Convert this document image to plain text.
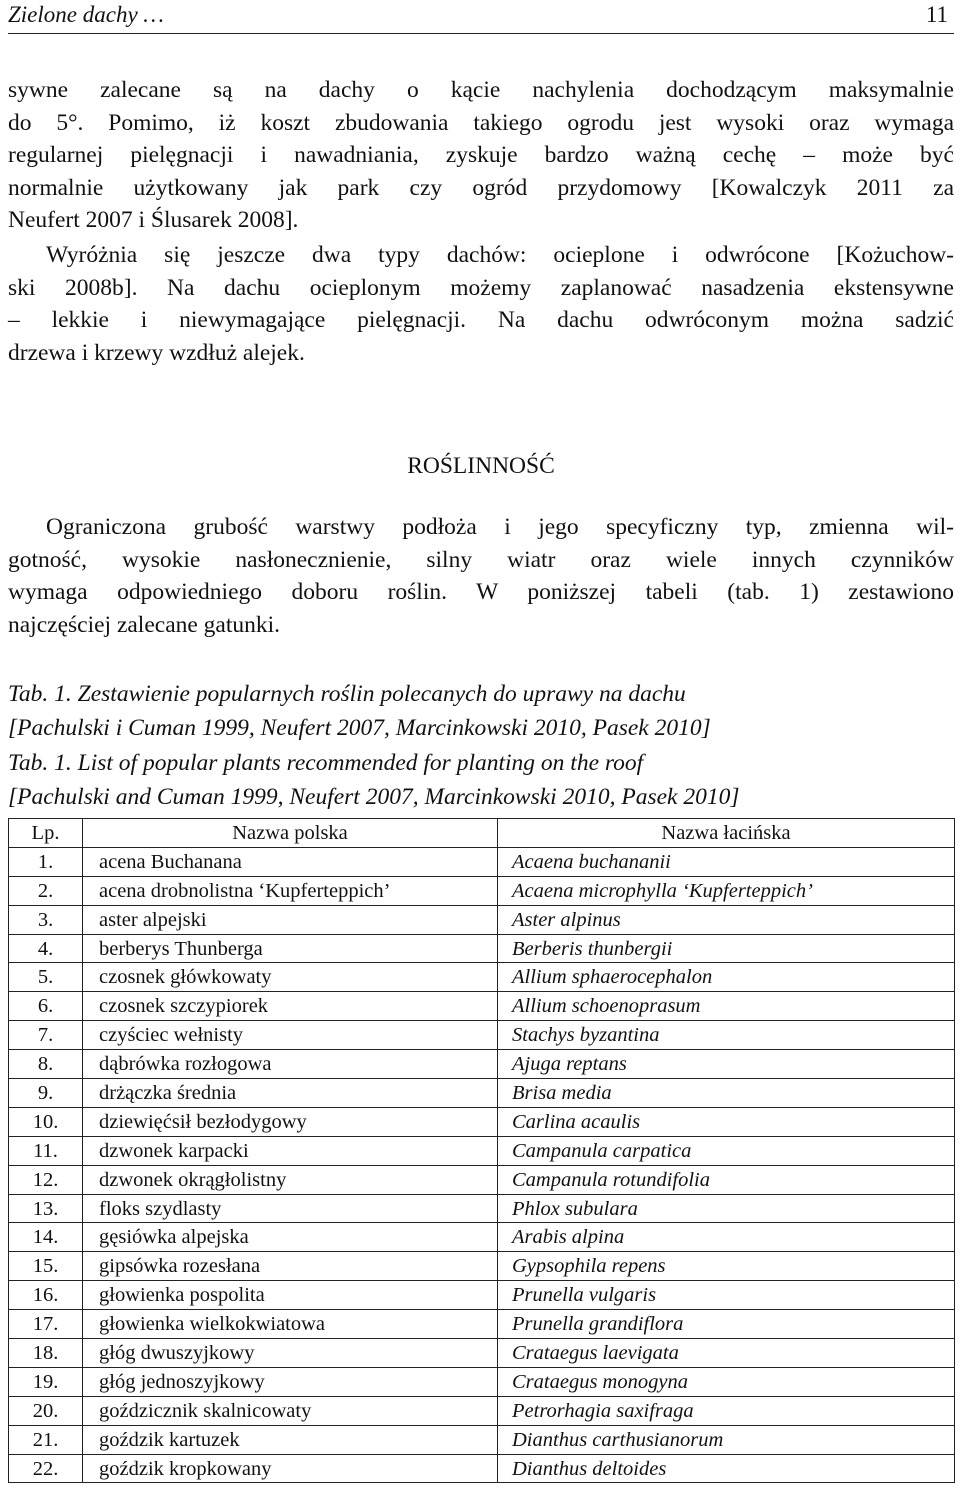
Zielone dachy …	11
sywne zalecane są na dachy o kącie nachylenia dochodzącym maksymalnie
do 5°. Pomimo, iż koszt zbudowania takiego ogrodu jest wysoki oraz wymaga
regularnej pielęgnacji i nawadniania, zyskuje bardzo ważną cechę – może być
normalnie użytkowany jak park czy ogród przydomowy [Kowalczyk 2011 za
Neufert 2007 i Ślusarek 2008].
Wyróżnia się jeszcze dwa typy dachów: ocieplone i odwrócone [Kożuchow-
ski 2008b]. Na dachu ocieplonym możemy zaplanować nasadzenia ekstensywne
– lekkie i niewymagające pielęgnacji. Na dachu odwróconym można sadzić
drzewa i krzewy wzdłuż alejek.
ROŚLINNOŚĆ
Ograniczona grubość warstwy podłoża i jego specyficzny typ, zmienna wil-
gotność, wysokie nasłonecznienie, silny wiatr oraz wiele innych czynników
wymaga odpowiedniego doboru roślin. W poniższej tabeli (tab. 1) zestawiono
najczęściej zalecane gatunki.
Tab. 1. Zestawienie popularnych roślin polecanych do uprawy na dachu
[Pachulski i Cuman 1999, Neufert 2007, Marcinkowski 2010, Pasek 2010]
Tab. 1. List of popular plants recommended for planting on the roof
[Pachulski and Cuman 1999, Neufert 2007, Marcinkowski 2010, Pasek 2010]
Lp.	Nazwa polska	Nazwa łacińska
1.	acena Buchanana	Acaena buchananii
2.	acena drobnolistna ‘Kupferteppich’	Acaena microphylla ‘Kupferteppich’
3.	aster alpejski	Aster alpinus
4.	berberys Thunberga	Berberis thunbergii
5.	czosnek główkowaty	Allium sphaerocephalon
6.	czosnek szczypiorek	Allium schoenoprasum
7.	czyściec wełnisty	Stachys byzantina
8.	dąbrówka rozłogowa	Ajuga reptans
9.	drżączka średnia	Brisa media
10.	dziewięćsił bezłodygowy	Carlina acaulis
11.	dzwonek karpacki	Campanula carpatica
12.	dzwonek okrągłolistny	Campanula rotundifolia
13.	floks szydlasty	Phlox subulara
14.	gęsiówka alpejska	Arabis alpina
15.	gipsówka rozesłana	Gypsophila repens
16.	głowienka pospolita	Prunella vulgaris
17.	głowienka wielkokwiatowa	Prunella grandiflora
18.	głóg dwuszyjkowy	Crataegus laevigata
19.	głóg jednoszyjkowy	Crataegus monogyna
20.	goździcznik skalnicowaty	Petrorhagia saxifraga
21.	goździk kartuzek	Dianthus carthusianorum
22.	goździk kropkowany	Dianthus deltoides
